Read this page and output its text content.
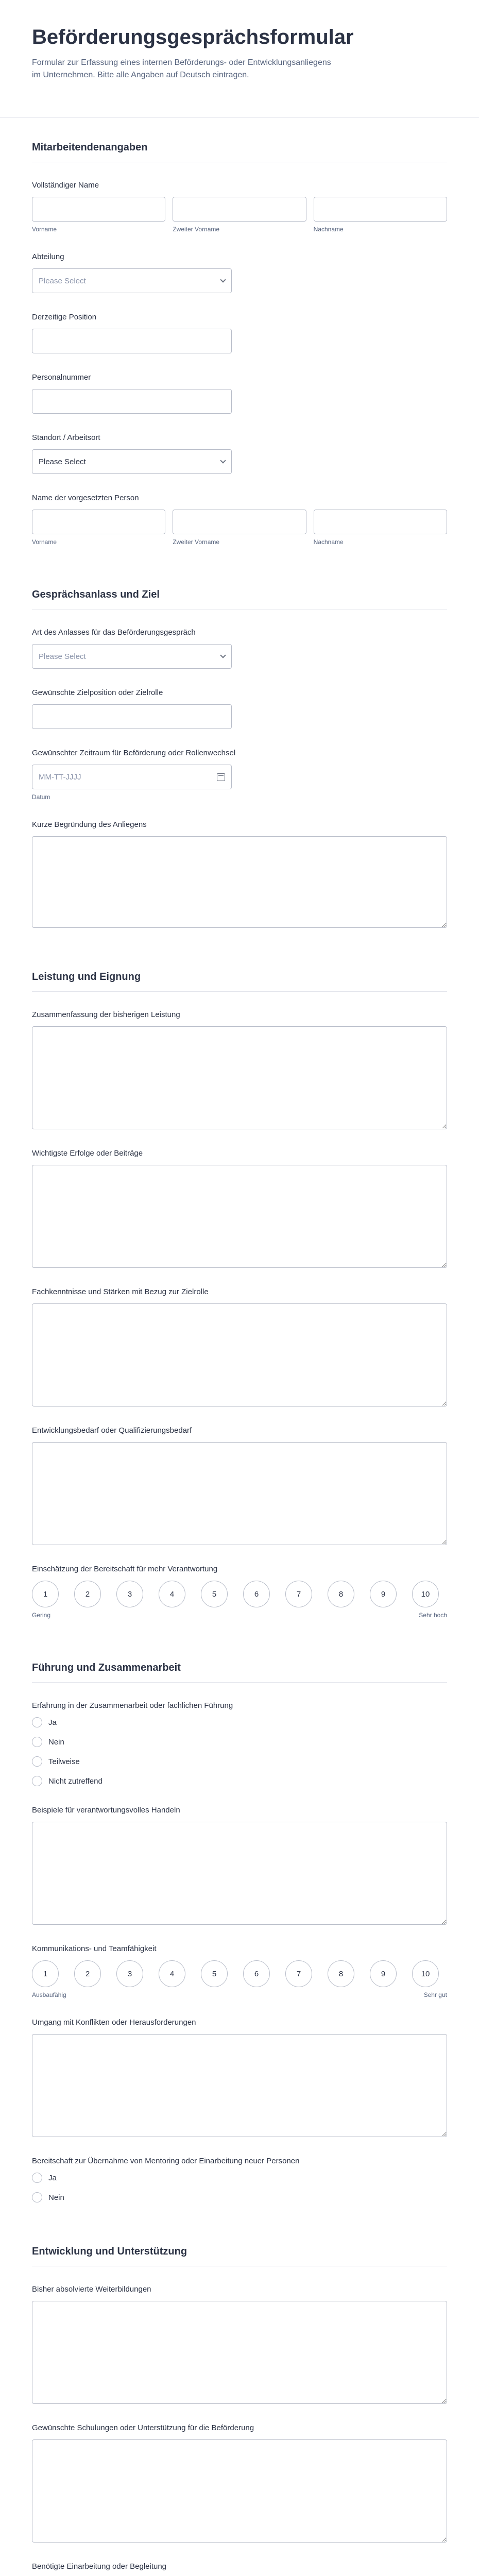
Beförderungsgesprächsformular

Formular zur Erfassung eines internen Beförderungs- oder Entwicklungsanliegens im Unternehmen. Bitte alle Angaben auf Deutsch eintragen.

Mitarbeitendenangaben
Vollständiger Name
Vorname	Zweiter Vorname	Nachname
Abteilung
Please Select
Derzeitige Position
Personalnummer
Standort / Arbeitsort
Please Select
Name der vorgesetzten Person
Vorname	Zweiter Vorname	Nachname
Gesprächsanlass und Ziel
Art des Anlasses für das Beförderungsgespräch
Please Select
Gewünschte Zielposition oder Zielrolle
Gewünschter Zeitraum für Beförderung oder Rollenwechsel
MM-TT-JJJJ
Datum
Kurze Begründung des Anliegens
Leistung und Eignung
Zusammenfassung der bisherigen Leistung
Wichtigste Erfolge oder Beiträge
Fachkenntnisse und Stärken mit Bezug zur Zielrolle
Entwicklungsbedarf oder Qualifizierungsbedarf
Einschätzung der Bereitschaft für mehr Verantwortung
1	2	3	4	5	6	7	8	9	10
Gering	Sehr hoch
Führung und Zusammenarbeit
Erfahrung in der Zusammenarbeit oder fachlichen Führung
Ja
Nein
Teilweise
Nicht zutreffend
Beispiele für verantwortungsvolles Handeln
Kommunikations- und Teamfähigkeit
1	2	3	4	5	6	7	8	9	10
Ausbaufähig	Sehr gut
Umgang mit Konflikten oder Herausforderungen
Bereitschaft zur Übernahme von Mentoring oder Einarbeitung neuer Personen
Ja
Nein
Entwicklung und Unterstützung
Bisher absolvierte Weiterbildungen
Gewünschte Schulungen oder Unterstützung für die Beförderung
Benötigte Einarbeitung oder Begleitung
